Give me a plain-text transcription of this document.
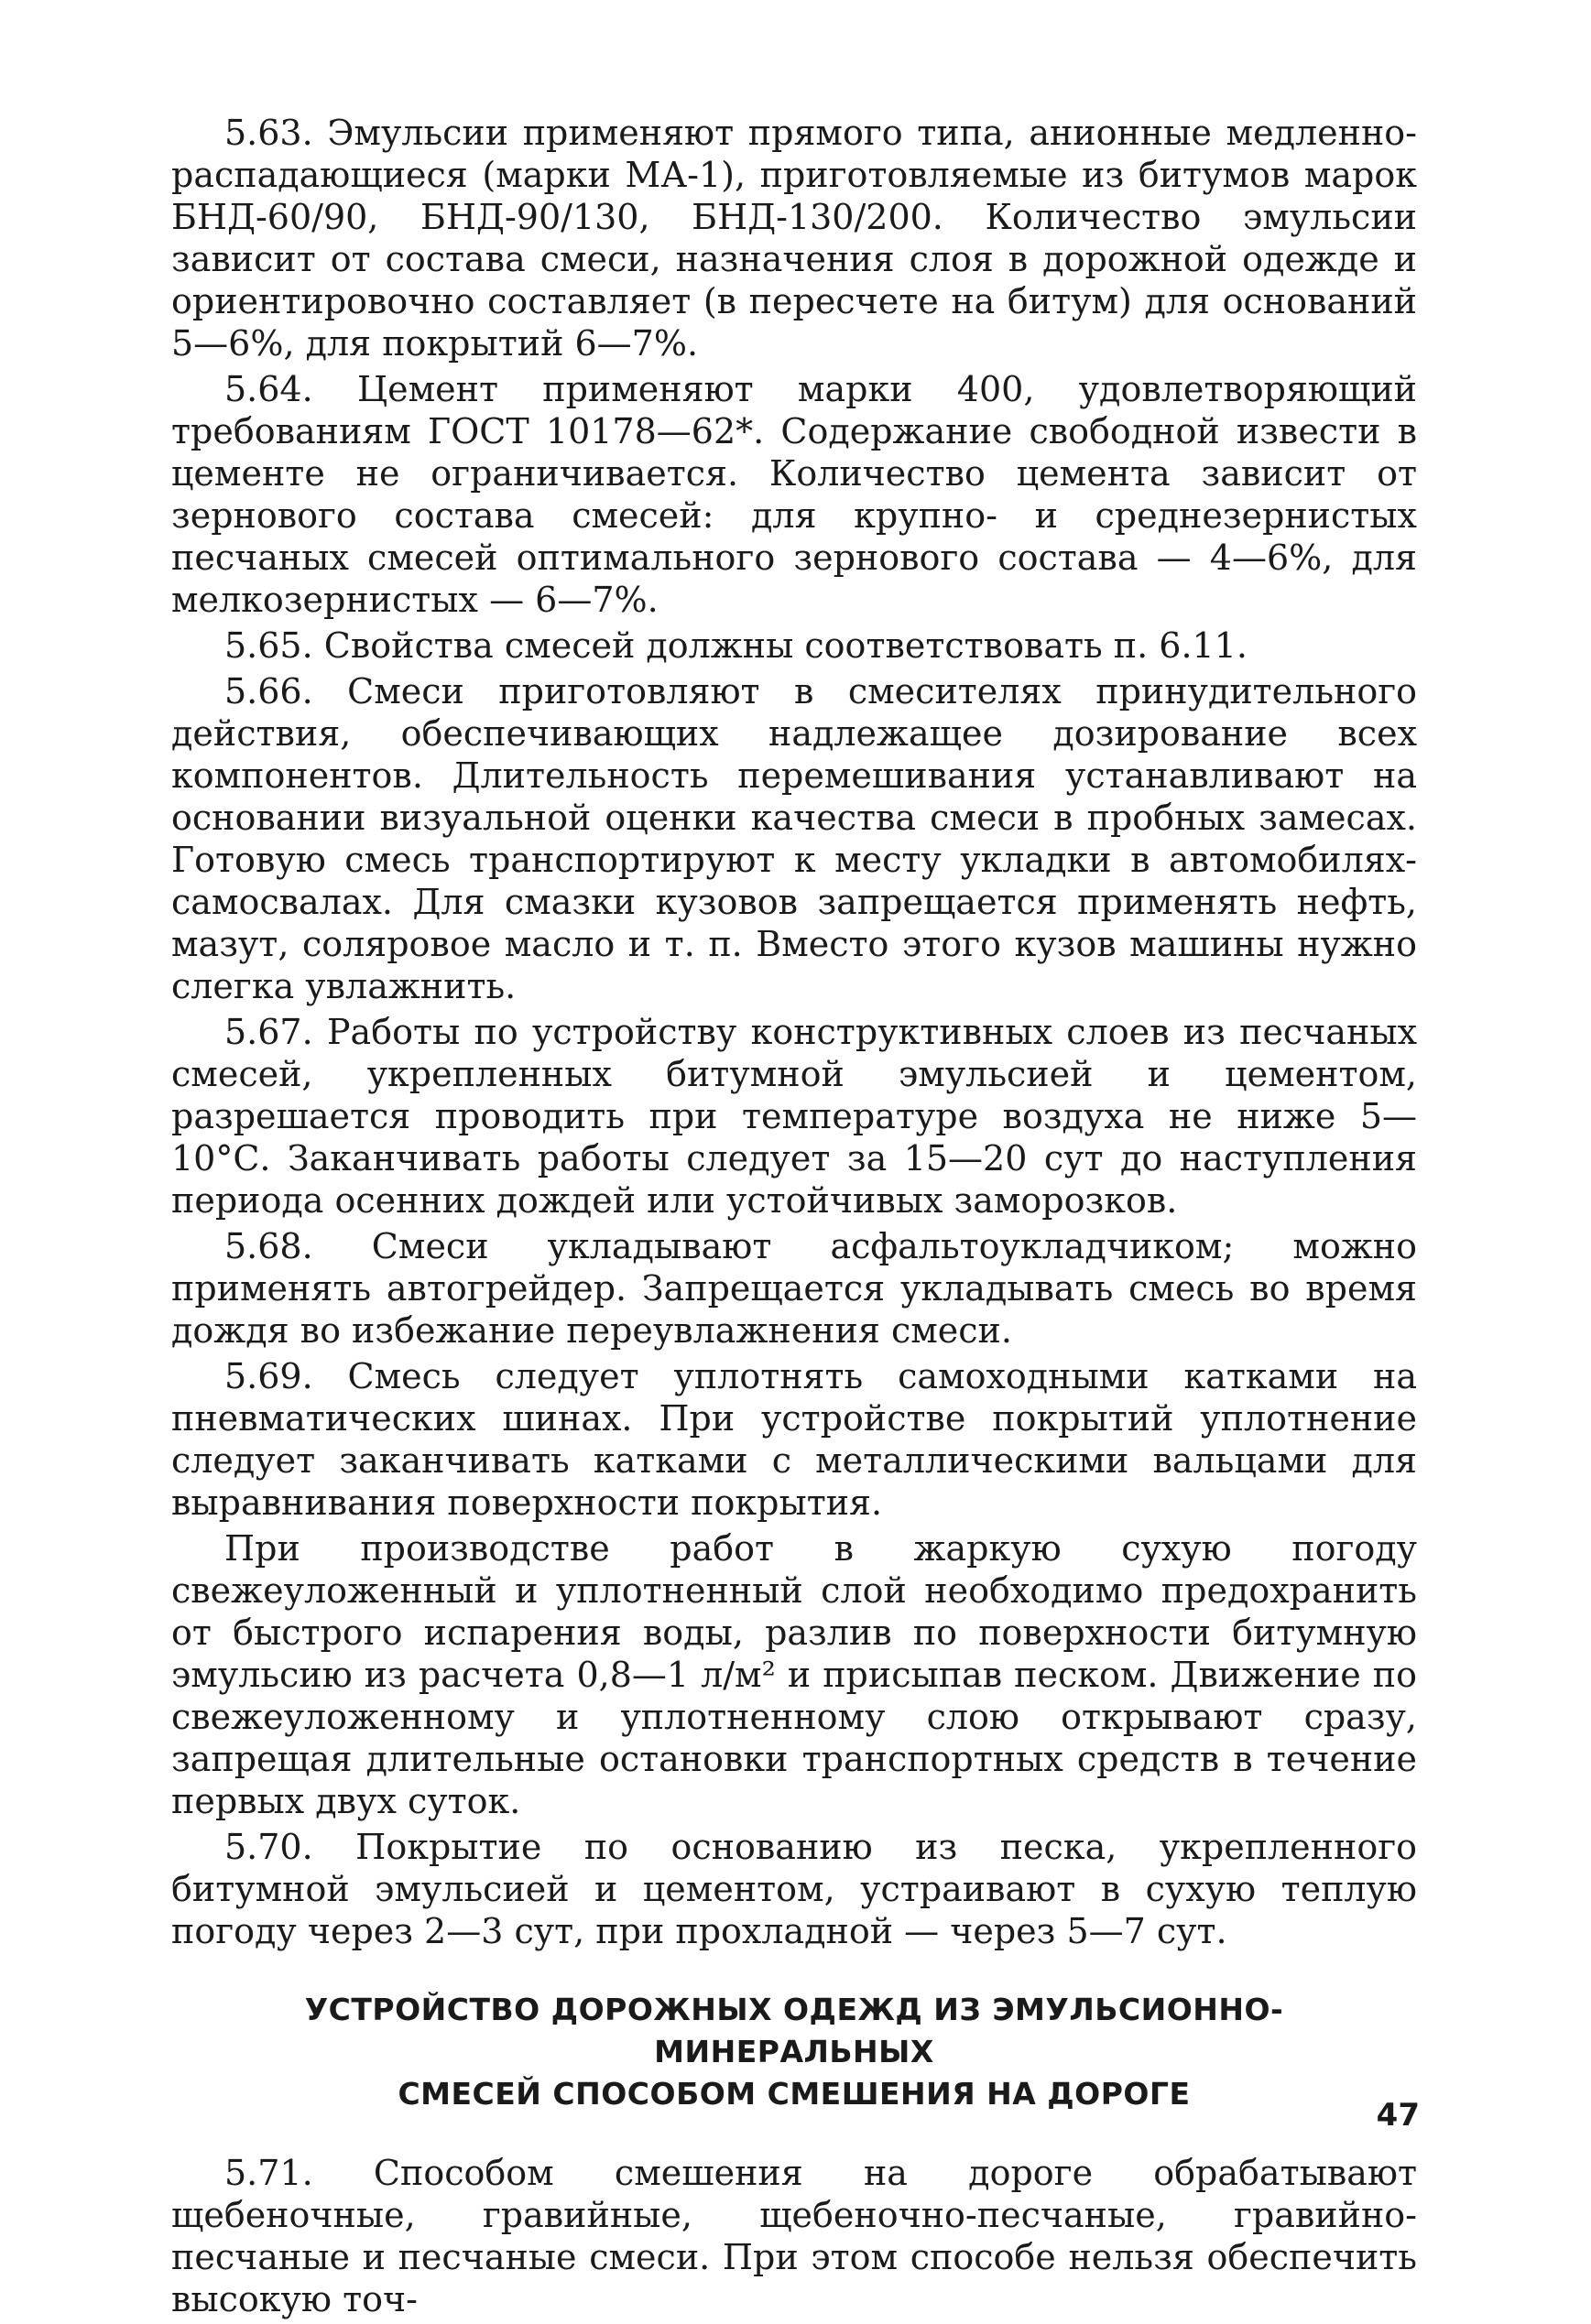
5.63. Эмульсии применяют прямого типа, анионные медленно-распадающиеся (марки МА-1), приготовляемые из битумов марок БНД-60/90, БНД-90/130, БНД-130/200. Количество эмульсии зависит от состава смеси, назначения слоя в дорожной одежде и ориентировочно составляет (в пересчете на битум) для оснований 5—6%, для покрытий 6—7%.

5.64. Цемент применяют марки 400, удовлетворяющий требованиям ГОСТ 10178—62*. Содержание свободной извести в цементе не ограничивается. Количество цемента зависит от зернового состава смесей: для крупно- и среднезернистых песчаных смесей оптимального зернового состава — 4—6%, для мелкозернистых — 6—7%.

5.65. Свойства смесей должны соответствовать п. 6.11.

5.66. Смеси приготовляют в смесителях принудительного действия, обеспечивающих надлежащее дозирование всех компонентов. Длительность перемешивания устанавливают на основании визуальной оценки качества смеси в пробных замесах. Готовую смесь транспортируют к месту укладки в автомобилях-самосвалах. Для смазки кузовов запрещается применять нефть, мазут, соляровое масло и т. п. Вместо этого кузов машины нужно слегка увлажнить.

5.67. Работы по устройству конструктивных слоев из песчаных смесей, укрепленных битумной эмульсией и цементом, разрешается проводить при температуре воздуха не ниже 5—10°С. Заканчивать работы следует за 15—20 сут до наступления периода осенних дождей или устойчивых заморозков.

5.68. Смеси укладывают асфальтоукладчиком; можно применять автогрейдер. Запрещается укладывать смесь во время дождя во избежание переувлажнения смеси.

5.69. Смесь следует уплотнять самоходными катками на пневматических шинах. При устройстве покрытий уплотнение следует заканчивать катками с металлическими вальцами для выравнивания поверхности покрытия.

При производстве работ в жаркую сухую погоду свежеуложенный и уплотненный слой необходимо предохранить от быстрого испарения воды, разлив по поверхности битумную эмульсию из расчета 0,8—1 л/м² и присыпав песком. Движение по свежеуложенному и уплотненному слою открывают сразу, запрещая длительные остановки транспортных средств в течение первых двух суток.

5.70. Покрытие по основанию из песка, укрепленного битумной эмульсией и цементом, устраивают в сухую теплую погоду через 2—3 сут, при прохладной — через 5—7 сут.

УСТРОЙСТВО ДОРОЖНЫХ ОДЕЖД ИЗ ЭМУЛЬСИОННО-МИНЕРАЛЬНЫХ
СМЕСЕЙ СПОСОБОМ СМЕШЕНИЯ НА ДОРОГЕ

5.71. Способом смешения на дороге обрабатывают щебеночные, гравийные, щебеночно-песчаные, гравийно-песчаные и песчаные смеси. При этом способе нельзя обеспечить высокую точ-

47
